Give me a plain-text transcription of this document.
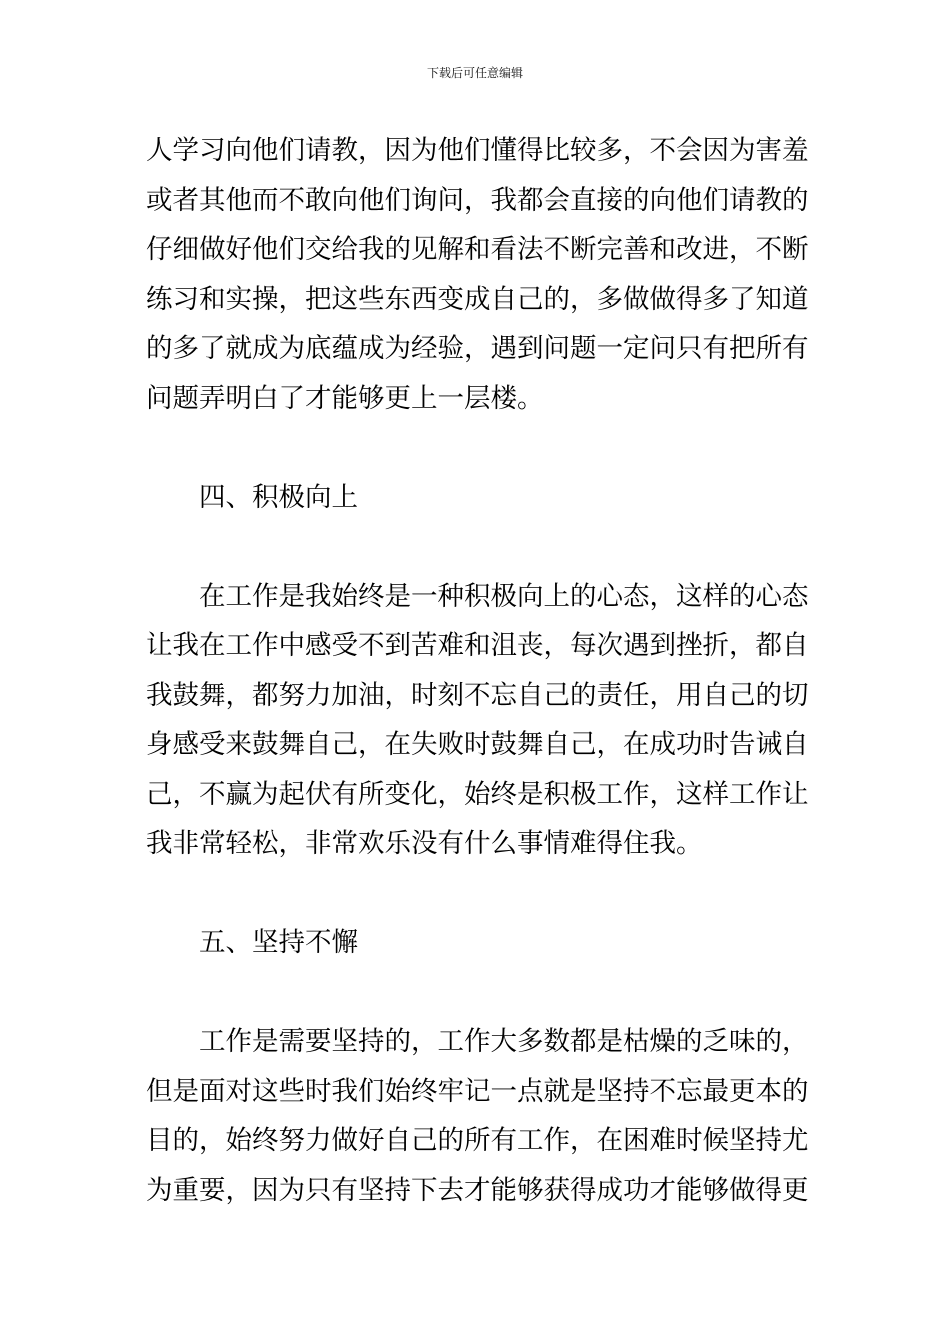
下载后可任意编辑
人学习向他们请教，因为他们懂得比较多，不会因为害羞
或者其他而不敢向他们询问，我都会直接的向他们请教的
仔细做好他们交给我的见解和看法不断完善和改进，不断
练习和实操，把这些东西变成自己的，多做做得多了知道
的多了就成为底蕴成为经验，遇到问题一定问只有把所有
问题弄明白了才能够更上一层楼。
四、积极向上
在工作是我始终是一种积极向上的心态，这样的心态
让我在工作中感受不到苦难和沮丧，每次遇到挫折，都自
我鼓舞，都努力加油，时刻不忘自己的责任，用自己的切
身感受来鼓舞自己，在失败时鼓舞自己，在成功时告诫自
己，不赢为起伏有所变化，始终是积极工作，这样工作让
我非常轻松，非常欢乐没有什么事情难得住我。
五、坚持不懈
工作是需要坚持的，工作大多数都是枯燥的乏味的，
但是面对这些时我们始终牢记一点就是坚持不忘最更本的
目的，始终努力做好自己的所有工作，在困难时候坚持尤
为重要，因为只有坚持下去才能够获得成功才能够做得更
